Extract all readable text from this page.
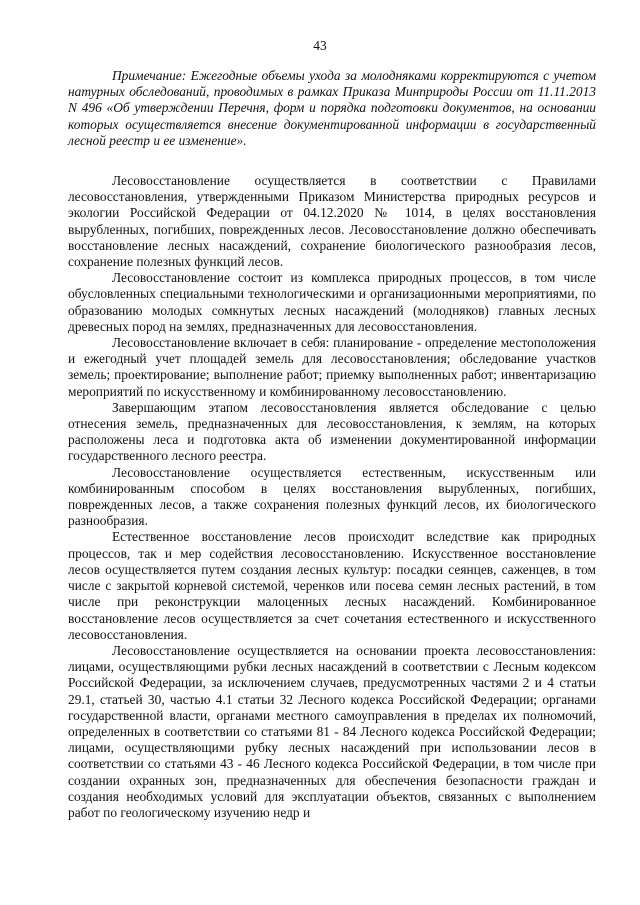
43

Примечание: Ежегодные объемы ухода за молодняками корректируются с учетом натурных обследований, проводимых в рамках Приказа Минприроды России от 11.11.2013 N 496 «Об утверждении Перечня, форм и порядка подготовки документов, на основании которых осуществляется внесение документированной информации в государственный лесной реестр и ее изменение».

Лесовосстановление осуществляется в соответствии с Правилами лесовосстановления, утвержденными Приказом Министерства природных ресурсов и экологии Российской Федерации от 04.12.2020 № 1014, в целях восстановления вырубленных, погибших, поврежденных лесов. Лесовосстановление должно обеспечивать восстановление лесных насаждений, сохранение биологического разнообразия лесов, сохранение полезных функций лесов.

Лесовосстановление состоит из комплекса природных процессов, в том числе обусловленных специальными технологическими и организационными мероприятиями, по образованию молодых сомкнутых лесных насаждений (молодняков) главных лесных древесных пород на землях, предназначенных для лесовосстановления.

Лесовосстановление включает в себя: планирование - определение местоположения и ежегодный учет площадей земель для лесовосстановления; обследование участков земель; проектирование; выполнение работ; приемку выполненных работ; инвентаризацию мероприятий по искусственному и комбинированному лесовосстановлению.

Завершающим этапом лесовосстановления является обследование с целью отнесения земель, предназначенных для лесовосстановления, к землям, на которых расположены леса и подготовка акта об изменении документированной информации государственного лесного реестра.

Лесовосстановление осуществляется естественным, искусственным или комбинированным способом в целях восстановления вырубленных, погибших, поврежденных лесов, а также сохранения полезных функций лесов, их биологического разнообразия.

Естественное восстановление лесов происходит вследствие как природных процессов, так и мер содействия лесовосстановлению. Искусственное восстановление лесов осуществляется путем создания лесных культур: посадки сеянцев, саженцев, в том числе с закрытой корневой системой, черенков или посева семян лесных растений, в том числе при реконструкции малоценных лесных насаждений. Комбинированное восстановление лесов осуществляется за счет сочетания естественного и искусственного лесовосстановления.

Лесовосстановление осуществляется на основании проекта лесовосстановления: лицами, осуществляющими рубки лесных насаждений в соответствии с Лесным кодексом Российской Федерации, за исключением случаев, предусмотренных частями 2 и 4 статьи 29.1, статьей 30, частью 4.1 статьи 32 Лесного кодекса Российской Федерации; органами государственной власти, органами местного самоуправления в пределах их полномочий, определенных в соответствии со статьями 81 - 84 Лесного кодекса Российской Федерации; лицами, осуществляющими рубку лесных насаждений при использовании лесов в соответствии со статьями 43 - 46 Лесного кодекса Российской Федерации, в том числе при создании охранных зон, предназначенных для обеспечения безопасности граждан и создания необходимых условий для эксплуатации объектов, связанных с выполнением работ по геологическому изучению недр и
